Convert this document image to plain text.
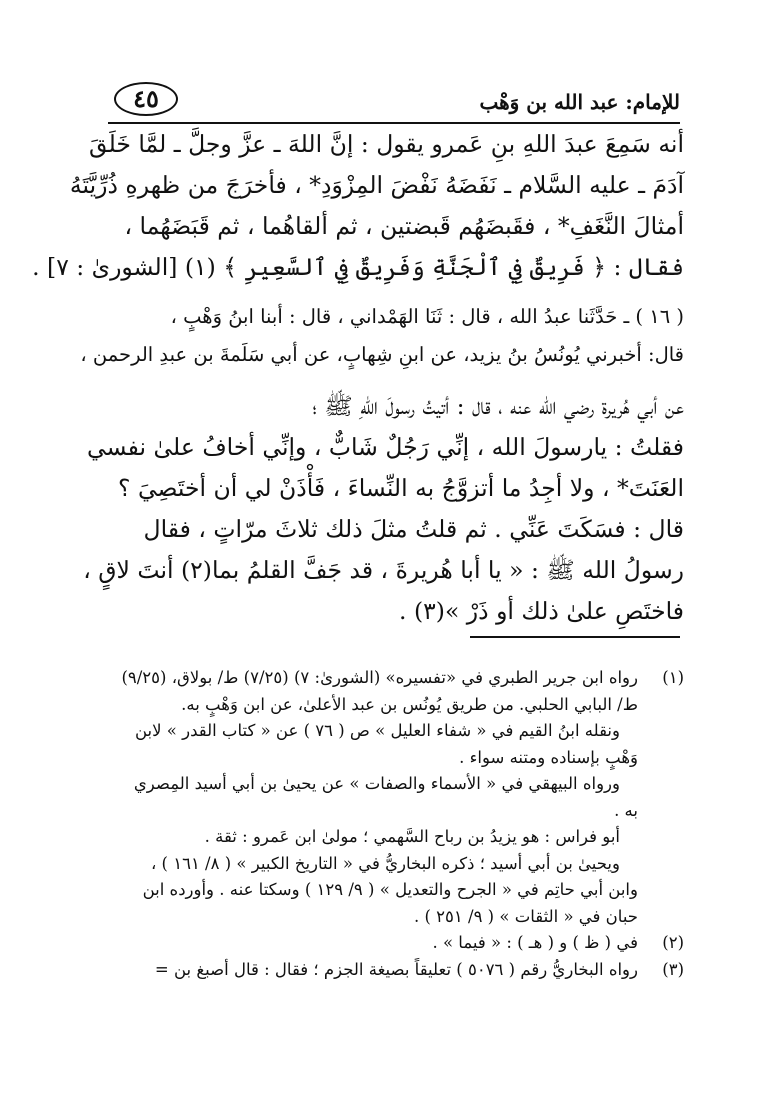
للإمام: عبد الله بن وَهْب
٤٥
أنه سَمِعَ عبدَ اللهِ بنِ عَمرو يقول : إنَّ اللهَ ـ عزَّ وجلَّ ـ لمَّا خَلَقَ
آدَمَ ـ عليه السَّلام ـ نَفَضَهُ نَفْضَ المِزْوَدِ* ، فأخرَجَ من ظهرهِ ذُرِّيَّتَهُ
أمثالَ النَّغَفِ* ، فقَبضَهُم قَبضتين ، ثم ألقاهُما ، ثم قَبَضَهُما ،
فقال : ﴿ فَرِيقٌ فِي ٱلْجَنَّةِ وَفَرِيقٌ فِي ٱلسَّعِيرِ ﴾ (١) [الشورىٰ : ٧] .
( ١٦ ) ـ حَدَّثَنا عبدُ الله ، قال : ثَنَا الهَمْداني ، قال : أبنا ابنُ وَهْبٍ ،
قال: أخبرني يُونُسُ بنُ يزيد، عن ابنِ شِهابٍ، عن أبي سَلَمةَ بن عبدِ الرحمن ،
عن أبي هُريرة رضي الله عنه ، قال : أتيتُ رسولَ اللهِ ﷺ ؛
فقلتُ : يارسولَ الله ، إنِّي رَجُلٌ شَابٌّ ، وإنِّي أخافُ علىٰ نفسي
العَنَتَ* ، ولا أجِدُ ما أتزوَّجُ به النِّساءَ ، فَأْذَنْ لي أن أختَصِيَ ؟
قال : فسَكَتَ عَنِّي . ثم قلتُ مثلَ ذلك ثلاثَ مرّاتٍ ، فقال
رسولُ الله ﷺ : « يا أبا هُريرةَ ، قد جَفَّ القلمُ بما(٢) أنتَ لاقٍ ،
فاختَصِ علىٰ ذلك أو ذَرْ »(٣) .
(١)
رواه ابن جرير الطبري في «تفسيره» (الشورىٰ: ٧) (٧/٢٥) ط/ بولاق، (٩/٢٥)
ط/ البابي الحلبي. من طريق يُونُس بن عبد الأعلىٰ، عن ابن وَهْبٍ به.
ونقله ابنُ القيم في « شفاء العليل » ص ( ٧٦ ) عن « كتاب القدر » لابن
وَهْبٍ بإسناده ومتنه سواء .
ورواه البيهقي في « الأسماء والصفات » عن يحيىٰ بن أبي أسيد المِصري
به .
أبو فراس : هو يزيدُ بن رباح السَّهمي ؛ مولىٰ ابن عَمرو : ثقة .
ويحيىٰ بن أبي أسيد ؛ ذكره البخاريُّ في « التاريخ الكبير » ( ٨/ ١٦١ ) ،
وابن أبي حاتِم في « الجرح والتعديل » ( ٩/ ١٢٩ ) وسكتا عنه . وأورده ابن
حبان في « الثقات » ( ٩/ ٢٥١ ) .
(٢)
في ( ظ ) و ( هـ ) : « فيما » .
(٣)
رواه البخاريُّ رقم ( ٥٠٧٦ ) تعليقاً بصيغة الجزم ؛ فقال : قال أصبغ بن =
